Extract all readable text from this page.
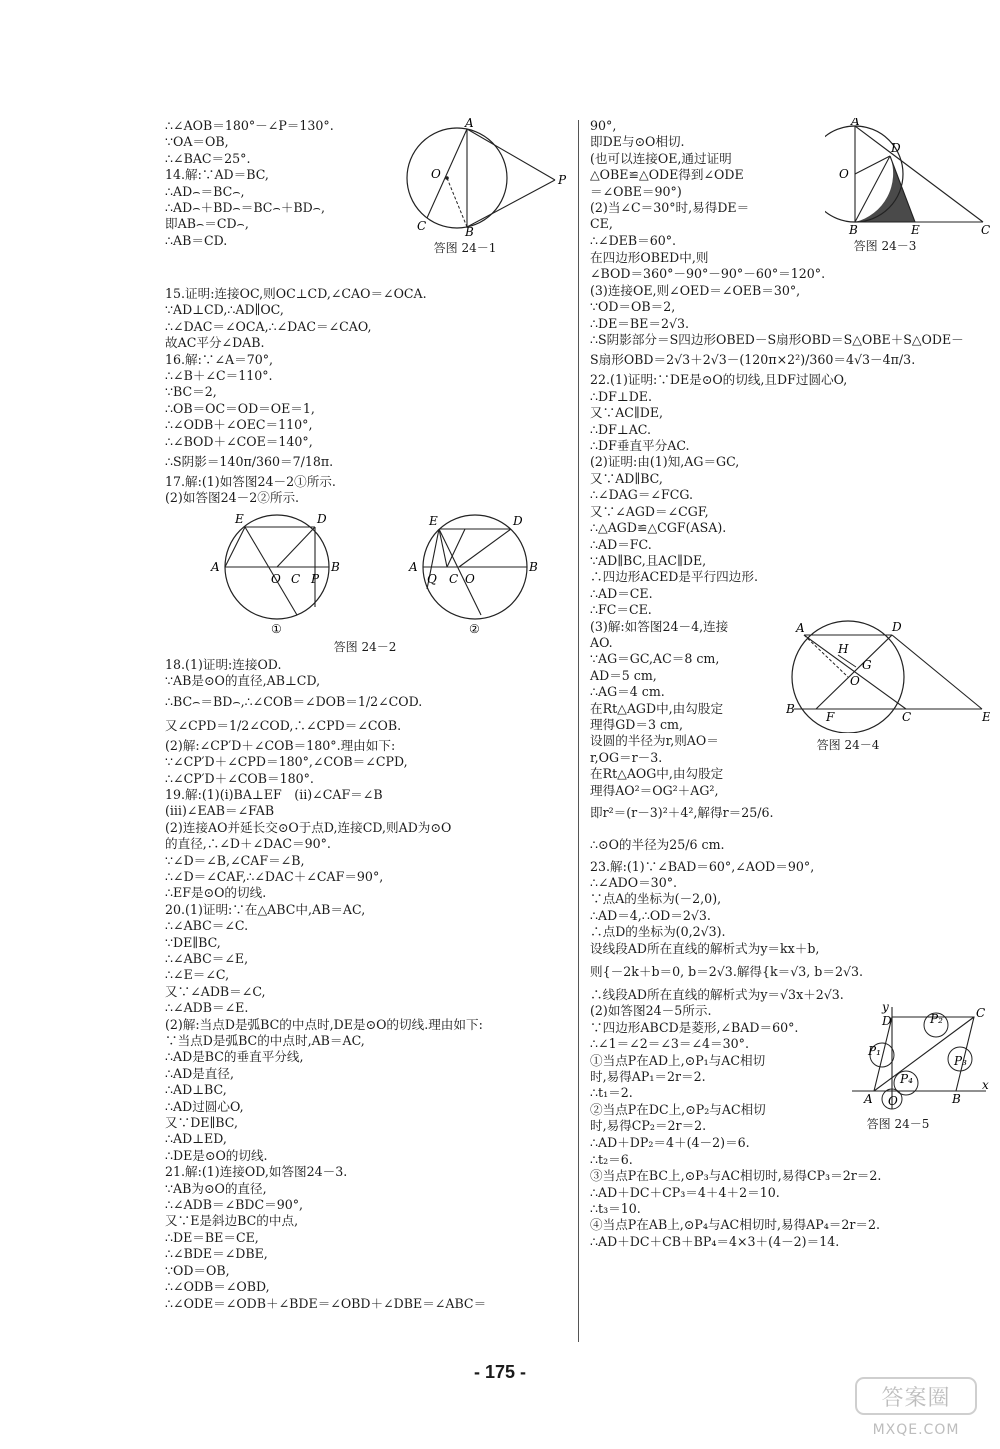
∴∠AOB＝180°－∠P＝130°.
∵OA＝OB,
∴∠BAC＝25°.
14.解:∵AD＝BC,
∴AD⌢＝BC⌢,
∴AD⌢＋BD⌢＝BC⌢＋BD⌢,
即AB⌢＝CD⌢,
∴AB＝CD.
A
O	P
C	B
答图 24－1
15.证明:连接OC,则OC⊥CD,∠CAO＝∠OCA.
∵AD⊥CD,∴AD∥OC,
∴∠DAC＝∠OCA,∴∠DAC＝∠CAO,
故AC平分∠DAB.
16.解:∵∠A＝70°,
∴∠B＋∠C＝110°.
∵BC＝2,
∴OB＝OC＝OD＝OE＝1,
∴∠ODB＋∠OEC＝110°,
∴∠BOD＋∠COE＝140°,
∴S阴影＝140π/360＝7/18π.
17.解:(1)如答图24－2①所示.
(2)如答图24－2②所示.
E	D
A
O C P
B
E	D
A
Q C O
B
①	②
答图 24－2
18.(1)证明:连接OD.
∵AB是⊙O的直径,AB⊥CD,
∴BC⌢＝BD⌢,∴∠COB＝∠DOB＝1/2∠COD.
又∠CPD＝1/2∠COD,∴∠CPD＝∠COB.
(2)解:∠CP′D＋∠COB＝180°.理由如下:
∵∠CP′D＋∠CPD＝180°,∠COB＝∠CPD,
∴∠CP′D＋∠COB＝180°.
19.解:(1)(ⅰ)BA⊥EF　(ⅱ)∠CAF＝∠B
(ⅲ)∠EAB＝∠FAB
(2)连接AO并延长交⊙O于点D,连接CD,则AD为⊙O
的直径,∴∠D＋∠DAC＝90°.
∵∠D＝∠B,∠CAF＝∠B,
∴∠D＝∠CAF,∴∠DAC＋∠CAF＝90°,
∴EF是⊙O的切线.
20.(1)证明:∵在△ABC中,AB＝AC,
∴∠ABC＝∠C.
∵DE∥BC,
∴∠ABC＝∠E,
∴∠E＝∠C,
又∵∠ADB＝∠C,
∴∠ADB＝∠E.
(2)解:当点D是弧BC的中点时,DE是⊙O的切线.理由如下:
∵当点D是弧BC的中点时,AB＝AC,
∴AD是BC的垂直平分线,
∴AD是直径,
∴AD⊥BC,
∴AD过圆心O,
又∵DE∥BC,
∴AD⊥ED,
∴DE是⊙O的切线.
21.解:(1)连接OD,如答图24－3.
∵AB为⊙O的直径,
∴∠ADB＝∠BDC＝90°,
又∵E是斜边BC的中点,
∴DE＝BE＝CE,
∴∠BDE＝∠DBE,
∵OD＝OB,
∴∠ODB＝∠OBD,
∴∠ODE＝∠ODB＋∠BDE＝∠OBD＋∠DBE＝∠ABC＝
90°,
即DE与⊙O相切.
(也可以连接OE,通过证明
△OBE≌△ODE得到∠ODE
＝∠OBE＝90°)
(2)当∠C＝30°时,易得DE＝
CE,
∴∠DEB＝60°.
A
D
O
B	E	C
答图 24－3
在四边形OBED中,则
∠BOD＝360°－90°－90°－60°＝120°.
(3)连接OE,则∠OED＝∠OEB＝30°,
∵OD＝OB＝2,
∴DE＝BE＝2√3.
∴S阴影部分＝S四边形OBED－S扇形OBD＝S△OBE＋S△ODE－
S扇形OBD＝2√3＋2√3－(120π×2²)/360＝4√3－4π/3.
22.(1)证明:∵DE是⊙O的切线,且DF过圆心O,
∴DF⊥DE.
又∵AC∥DE,
∴DF⊥AC.
∴DF垂直平分AC.
(2)证明:由(1)知,AG＝GC,
又∵AD∥BC,
∴∠DAG＝∠FCG.
又∵∠AGD＝∠CGF,
∴△AGD≌△CGF(ASA).
∴AD＝FC.
∵AD∥BC,且AC∥DE,
∴四边形ACED是平行四边形.
∴AD＝CE.
∴FC＝CE.
(3)解:如答图24－4,连接
AO.
∵AG＝GC,AC＝8 cm,
AD＝5 cm,
∴AG＝4 cm.
在Rt△AGD中,由勾股定
理得GD＝3 cm,
设圆的半径为r,则AO＝
r,OG＝r－3.
在Rt△AOG中,由勾股定
理得AO²＝OG²＋AG²,
即r²＝(r－3)²＋4²,解得r＝25/6.
A	D
H
G
O
B
F	C	E
答图 24－4
∴⊙O的半径为25/6 cm.
23.解:(1)∵∠BAD＝60°,∠AOD＝90°,
∴∠ADO＝30°.
∵点A的坐标为(－2,0),
∴AD＝4,∴OD＝2√3.
∴点D的坐标为(0,2√3).
设线段AD所在直线的解析式为y＝kx＋b,
则{－2k＋b＝0, b＝2√3.解得{k＝√3, b＝2√3.
∴线段AD所在直线的解析式为y＝√3x＋2√3.
(2)如答图24－5所示.
∵四边形ABCD是菱形,∠BAD＝60°.
∴∠1＝∠2＝∠3＝∠4＝30°.
①当点P在AD上,⊙P₁与AC相切
时,易得AP₁＝2r＝2.
∴t₁＝2.
②当点P在DC上,⊙P₂与AC相切
时,易得CP₂＝2r＝2.
y
D	P₂	C
P₁
P₃
P₄
A O	B
x
答图 24－5
∴AD＋DP₂＝4＋(4－2)＝6.
∴t₂＝6.
③当点P在BC上,⊙P₃与AC相切时,易得CP₃＝2r＝2.
∴AD＋DC＋CP₃＝4＋4＋2＝10.
∴t₃＝10.
④当点P在AB上,⊙P₄与AC相切时,易得AP₄＝2r＝2.
∴AD＋DC＋CB＋BP₄＝4×3＋(4－2)＝14.
- 175 -
答案圈
MXQE.COM
